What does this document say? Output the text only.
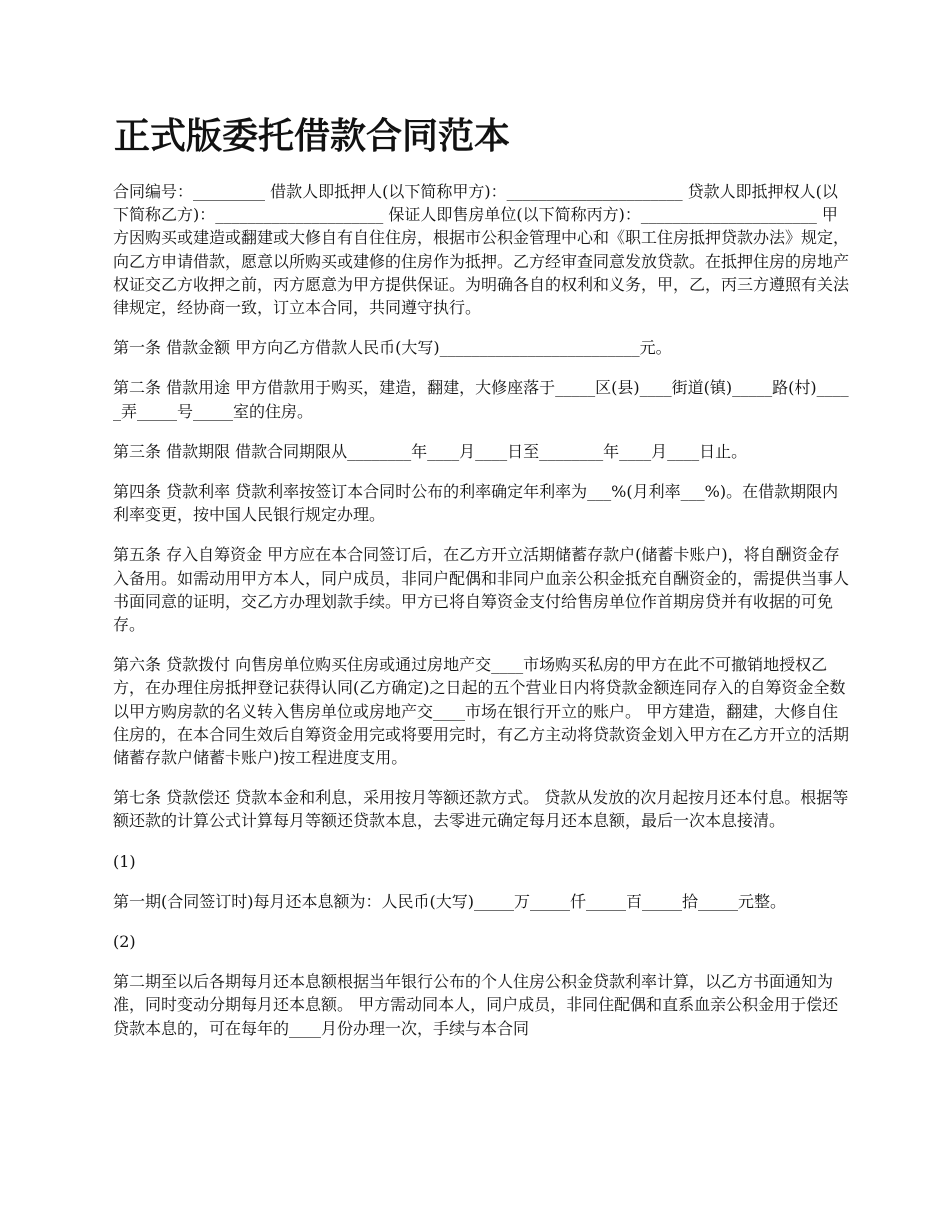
正式版委托借款合同范本

合同编号：_________ 借款人即抵押人(以下简称甲方)：______________________ 贷款人即抵押权人(以下简称乙方)：_____________________ 保证人即售房单位(以下简称丙方)：______________________ 甲方因购买或建造或翻建或大修自有自住住房，根据市公积金管理中心和《职工住房抵押贷款办法》规定，向乙方申请借款，愿意以所购买或建修的住房作为抵押。乙方经审查同意发放贷款。在抵押住房的房地产权证交乙方收押之前，丙方愿意为甲方提供保证。为明确各自的权利和义务，甲，乙，丙三方遵照有关法律规定，经协商一致，订立本合同，共同遵守执行。

第一条 借款金额 甲方向乙方借款人民币(大写)_________________________元。

第二条 借款用途 甲方借款用于购买，建造，翻建，大修座落于_____区(县)____街道(镇)_____路(村)_____弄_____号_____室的住房。

第三条 借款期限 借款合同期限从________年____月____日至________年____月____日止。

第四条 贷款利率 贷款利率按签订本合同时公布的利率确定年利率为___%(月利率___%)。在借款期限内利率变更，按中国人民银行规定办理。

第五条 存入自筹资金 甲方应在本合同签订后，在乙方开立活期储蓄存款户(储蓄卡账户)，将自酬资金存入备用。如需动用甲方本人，同户成员，非同户配偶和非同户血亲公积金抵充自酬资金的，需提供当事人书面同意的证明，交乙方办理划款手续。甲方已将自筹资金支付给售房单位作首期房贷并有收据的可免存。

第六条 贷款拨付 向售房单位购买住房或通过房地产交____市场购买私房的甲方在此不可撤销地授权乙方，在办理住房抵押登记获得认同(乙方确定)之日起的五个营业日内将贷款金额连同存入的自筹资金全数以甲方购房款的名义转入售房单位或房地产交____市场在银行开立的账户。 甲方建造，翻建，大修自住住房的，在本合同生效后自筹资金用完或将要用完时，有乙方主动将贷款资金划入甲方在乙方开立的活期储蓄存款户储蓄卡账户)按工程进度支用。

第七条 贷款偿还 贷款本金和利息，采用按月等额还款方式。 贷款从发放的次月起按月还本付息。根据等额还款的计算公式计算每月等额还贷款本息，去零进元确定每月还本息额，最后一次本息接清。

(1)

第一期(合同签订时)每月还本息额为：人民币(大写)_____万_____仟_____百_____拾_____元整。

(2)

第二期至以后各期每月还本息额根据当年银行公布的个人住房公积金贷款利率计算，以乙方书面通知为准，同时变动分期每月还本息额。 甲方需动同本人，同户成员，非同住配偶和直系血亲公积金用于偿还贷款本息的，可在每年的____月份办理一次，手续与本合同
